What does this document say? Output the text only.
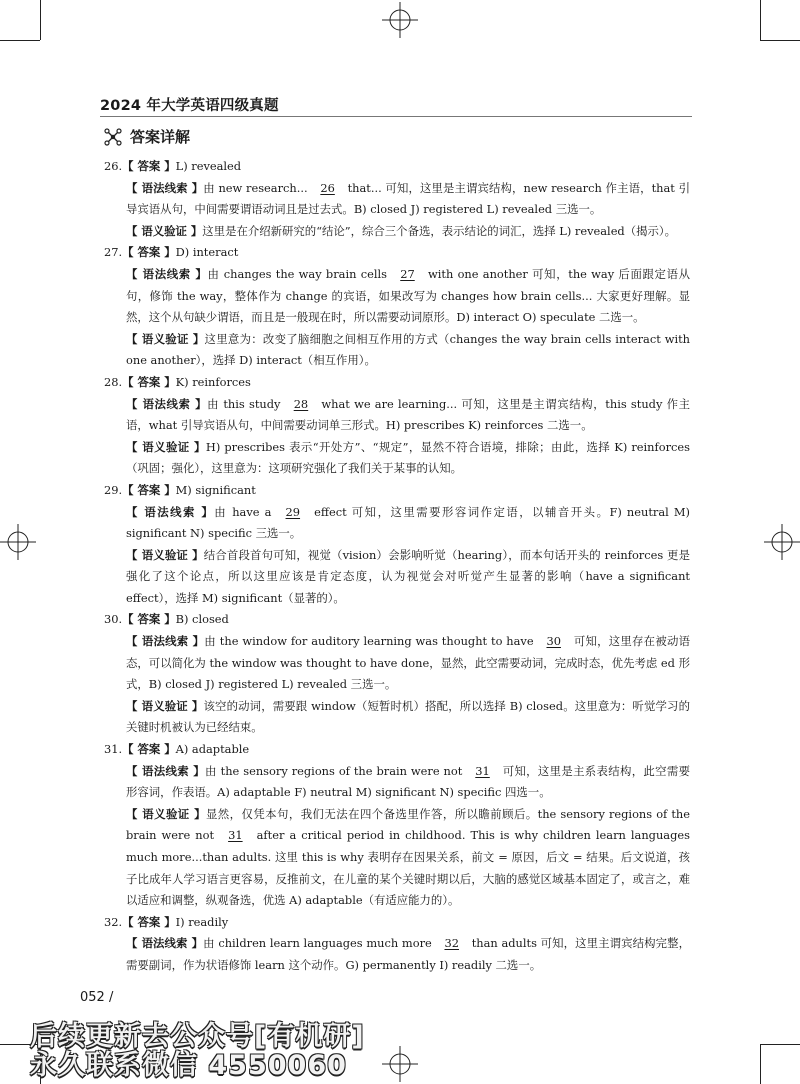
2024 年大学英语四级真题
答案详解
26.【 答案 】L) revealed
【 语法线索 】由 new research... 26 that... 可知，这里是主谓宾结构，new research 作主语，that 引导宾语从句，中间需要谓语动词且是过去式。B) closed J) registered L) revealed 三选一。
【 语义验证 】这里是在介绍新研究的“结论”，综合三个备选，表示结论的词汇，选择 L) revealed（揭示）。
27.【 答案 】D) interact
【 语法线索 】由 changes the way brain cells 27 with one another 可知，the way 后面跟定语从句，修饰 the way，整体作为 change 的宾语，如果改写为 changes how brain cells... 大家更好理解。显然，这个从句缺少谓语，而且是一般现在时，所以需要动词原形。D) interact O) speculate 二选一。
【 语义验证 】这里意为：改变了脑细胞之间相互作用的方式（changes the way brain cells interact with one another），选择 D) interact（相互作用）。
28.【 答案 】K) reinforces
【 语法线索 】由 this study 28 what we are learning... 可知，这里是主谓宾结构，this study 作主语，what 引导宾语从句，中间需要动词单三形式。H) prescribes K) reinforces 二选一。
【 语义验证 】H) prescribes 表示“开处方”、“规定”，显然不符合语境，排除；由此，选择 K) reinforces（巩固；强化），这里意为：这项研究强化了我们关于某事的认知。
29.【 答案 】M) significant
【 语法线索 】由 have a 29 effect 可知，这里需要形容词作定语，以辅音开头。F) neutral M) significant N) specific 三选一。
【 语义验证 】结合首段首句可知，视觉（vision）会影响听觉（hearing），而本句话开头的 reinforces 更是强化了这个论点，所以这里应该是肯定态度，认为视觉会对听觉产生显著的影响（have a significant effect），选择 M) significant（显著的）。
30.【 答案 】B) closed
【 语法线索 】由 the window for auditory learning was thought to have 30 可知，这里存在被动语态，可以简化为 the window was thought to have done，显然，此空需要动词，完成时态，优先考虑 ed 形式，B) closed J) registered L) revealed 三选一。
【 语义验证 】该空的动词，需要跟 window（短暂时机）搭配，所以选择 B) closed。这里意为：听觉学习的关键时机被认为已经结束。
31.【 答案 】A) adaptable
【 语法线索 】由 the sensory regions of the brain were not 31 可知，这里是主系表结构，此空需要形容词，作表语。A) adaptable F) neutral M) significant N) specific 四选一。
【 语义验证 】显然，仅凭本句，我们无法在四个备选里作答，所以瞻前顾后。the sensory regions of the brain were not 31 after a critical period in childhood. This is why children learn languages much more...than adults. 这里 this is why 表明存在因果关系，前文 = 原因，后文 = 结果。后文说道，孩子比成年人学习语言更容易，反推前文，在儿童的某个关键时期以后，大脑的感觉区域基本固定了，或言之，难以适应和调整，纵观备选，优选 A) adaptable（有适应能力的）。
32.【 答案 】I) readily
【 语法线索 】由 children learn languages much more 32 than adults 可知，这里主谓宾结构完整，需要副词，作为状语修饰 learn 这个动作。G) permanently I) readily 二选一。
052 /
后续更新去公众号[有机研]
永久联系微信 4550060
